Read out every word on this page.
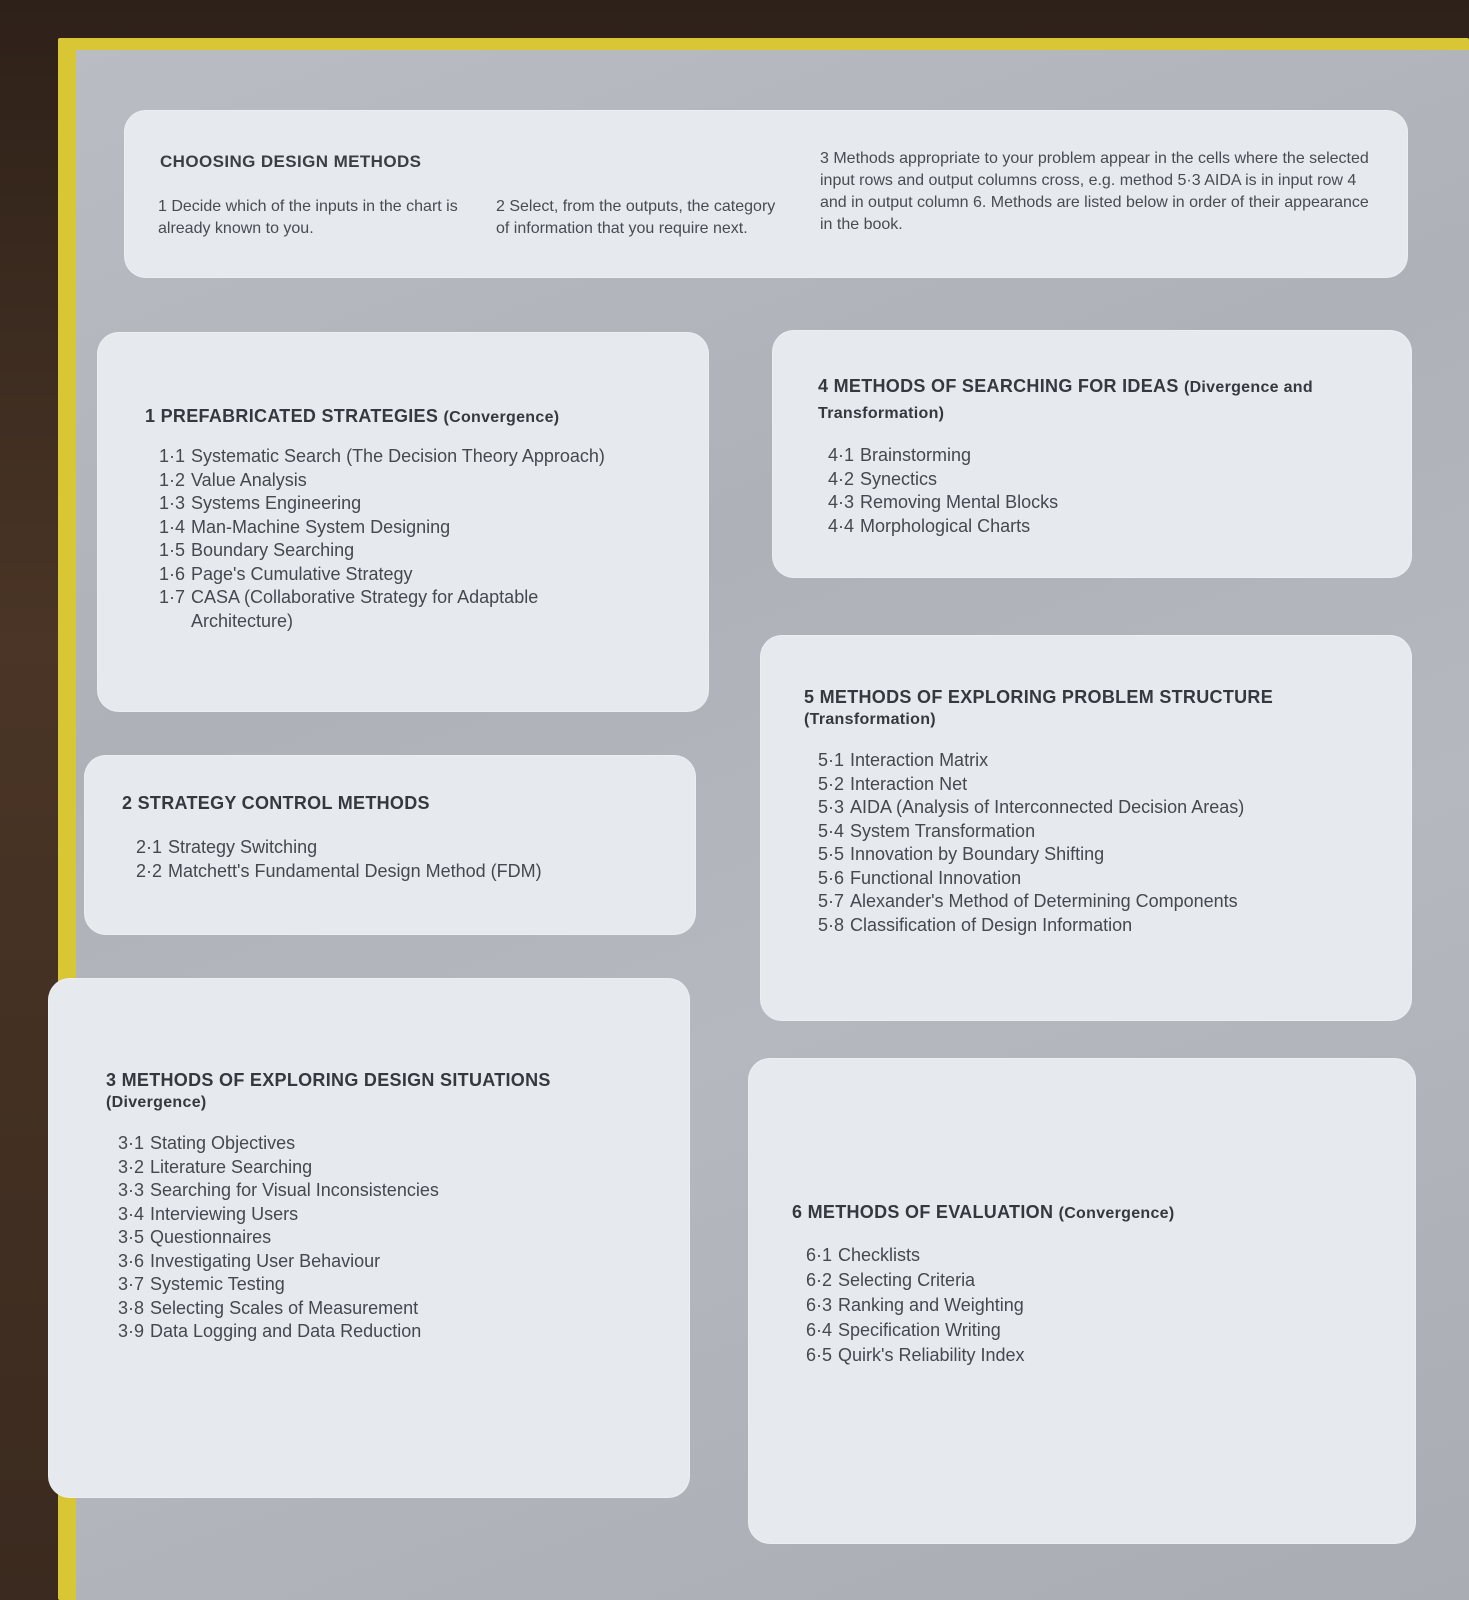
CHOOSING DESIGN METHODS

1 Decide which of the inputs in the chart is already known to you.

2 Select, from the outputs, the category of information that you require next.

3 Methods appropriate to your problem appear in the cells where the selected input rows and output columns cross, e.g. method 5·3 AIDA is in input row 4 and in output column 6. Methods are listed below in order of their appearance in the book.

1 PREFABRICATED STRATEGIES (Convergence)
1·1 Systematic Search (The Decision Theory Approach)
1·2 Value Analysis
1·3 Systems Engineering
1·4 Man-Machine System Designing
1·5 Boundary Searching
1·6 Page's Cumulative Strategy
1·7 CASA (Collaborative Strategy for Adaptable Architecture)
2 STRATEGY CONTROL METHODS
2·1 Strategy Switching
2·2 Matchett's Fundamental Design Method (FDM)
3 METHODS OF EXPLORING DESIGN SITUATIONS
(Divergence)
3·1 Stating Objectives
3·2 Literature Searching
3·3 Searching for Visual Inconsistencies
3·4 Interviewing Users
3·5 Questionnaires
3·6 Investigating User Behaviour
3·7 Systemic Testing
3·8 Selecting Scales of Measurement
3·9 Data Logging and Data Reduction
4 METHODS OF SEARCHING FOR IDEAS (Divergence and Transformation)
4·1 Brainstorming
4·2 Synectics
4·3 Removing Mental Blocks
4·4 Morphological Charts
5 METHODS OF EXPLORING PROBLEM STRUCTURE
(Transformation)
5·1 Interaction Matrix
5·2 Interaction Net
5·3 AIDA (Analysis of Interconnected Decision Areas)
5·4 System Transformation
5·5 Innovation by Boundary Shifting
5·6 Functional Innovation
5·7 Alexander's Method of Determining Components
5·8 Classification of Design Information
6 METHODS OF EVALUATION (Convergence)
6·1 Checklists
6·2 Selecting Criteria
6·3 Ranking and Weighting
6·4 Specification Writing
6·5 Quirk's Reliability Index
